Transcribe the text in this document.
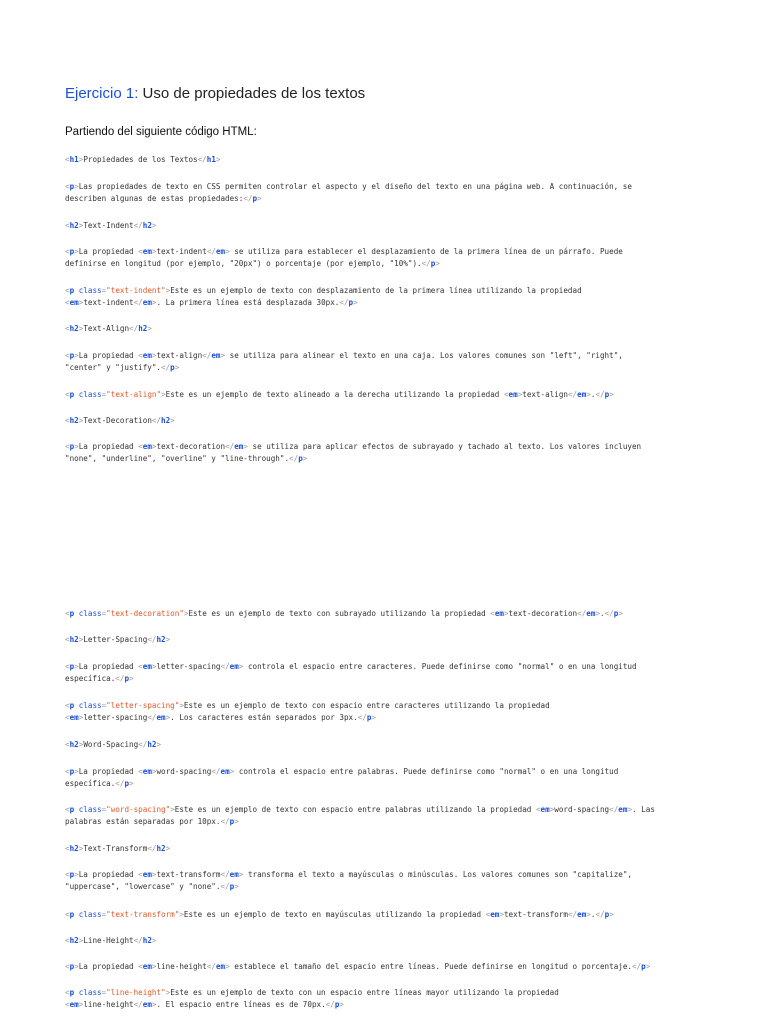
Ejercicio 1: Uso de propiedades de los textos
Partiendo del siguiente código HTML:
<h1>Propiedades de los Textos</h1>
<p>Las propiedades de texto en CSS permiten controlar el aspecto y el diseño del texto en una página web. A continuación, se
describen algunas de estas propiedades:</p>
<h2>Text-Indent</h2>
<p>La propiedad <em>text-indent</em> se utiliza para establecer el desplazamiento de la primera línea de un párrafo. Puede
definirse en longitud (por ejemplo, "20px") o porcentaje (por ejemplo, "10%").</p>
<p class="text-indent">Este es un ejemplo de texto con desplazamiento de la primera línea utilizando la propiedad
<em>text-indent</em>. La primera línea está desplazada 30px.</p>
<h2>Text-Align</h2>
<p>La propiedad <em>text-align</em> se utiliza para alinear el texto en una caja. Los valores comunes son "left", "right",
"center" y "justify".</p>
<p class="text-align">Este es un ejemplo de texto alineado a la derecha utilizando la propiedad <em>text-align</em>.</p>
<h2>Text-Decoration</h2>
<p>La propiedad <em>text-decoration</em> se utiliza para aplicar efectos de subrayado y tachado al texto. Los valores incluyen
"none", "underline", "overline" y "line-through".</p>
<p class="text-decoration">Este es un ejemplo de texto con subrayado utilizando la propiedad <em>text-decoration</em>.</p>
<h2>Letter-Spacing</h2>
<p>La propiedad <em>letter-spacing</em> controla el espacio entre caracteres. Puede definirse como "normal" o en una longitud
específica.</p>
<p class="letter-spacing">Este es un ejemplo de texto con espacio entre caracteres utilizando la propiedad
<em>letter-spacing</em>. Los caracteres están separados por 3px.</p>
<h2>Word-Spacing</h2>
<p>La propiedad <em>word-spacing</em> controla el espacio entre palabras. Puede definirse como "normal" o en una longitud
específica.</p>
<p class="word-spacing">Este es un ejemplo de texto con espacio entre palabras utilizando la propiedad <em>word-spacing</em>. Las
palabras están separadas por 10px.</p>
<h2>Text-Transform</h2>
<p>La propiedad <em>text-transform</em> transforma el texto a mayúsculas o minúsculas. Los valores comunes son "capitalize",
"uppercase", "lowercase" y "none".</p>
<p class="text-transform">Este es un ejemplo de texto en mayúsculas utilizando la propiedad <em>text-transform</em>.</p>
<h2>Line-Height</h2>
<p>La propiedad <em>line-height</em> establece el tamaño del espacio entre líneas. Puede definirse en longitud o porcentaje.</p>
<p class="line-height">Este es un ejemplo de texto con un espacio entre líneas mayor utilizando la propiedad
<em>line-height</em>. El espacio entre líneas es de 70px.</p>
